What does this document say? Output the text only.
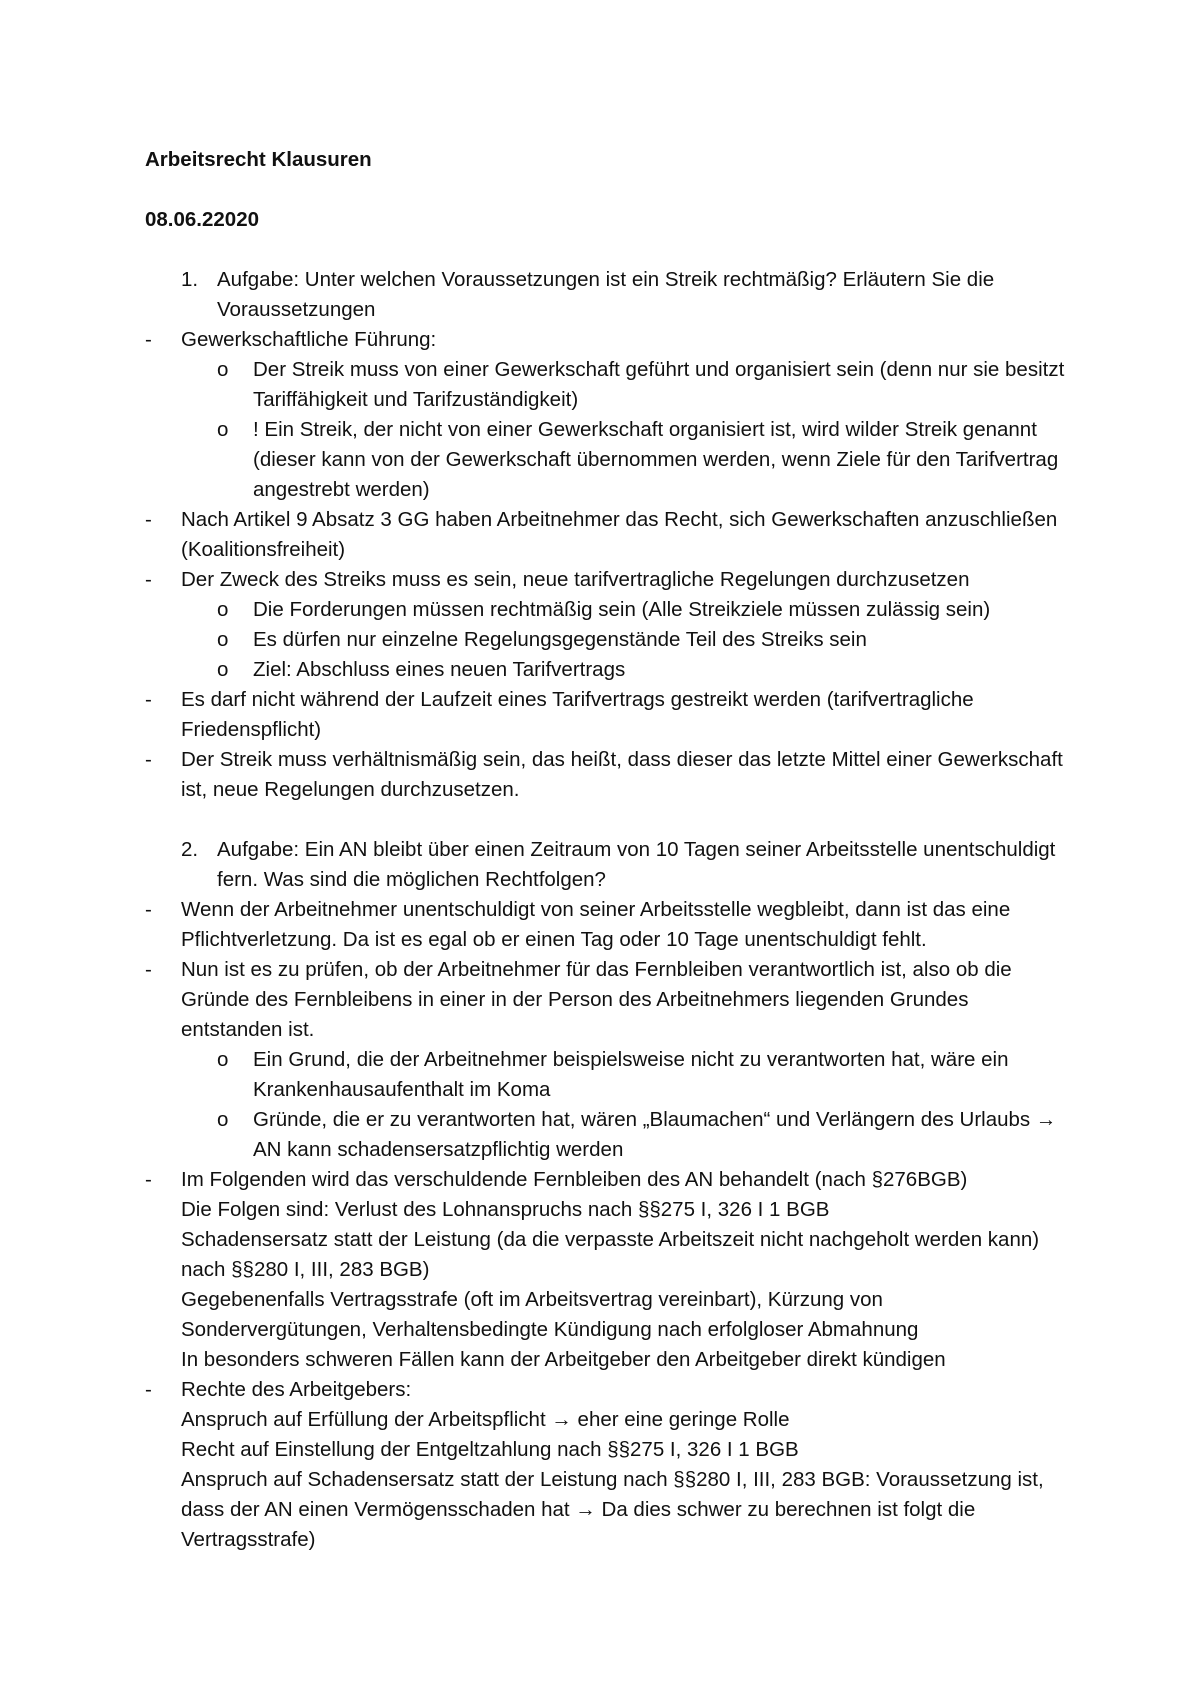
Arbeitsrecht Klausuren
08.06.22020
1. Aufgabe: Unter welchen Voraussetzungen ist ein Streik rechtmäßig? Erläutern Sie die Voraussetzungen
- Gewerkschaftliche Führung:
o Der Streik muss von einer Gewerkschaft geführt und organisiert sein (denn nur sie besitzt Tariffähigkeit und Tarifzuständigkeit)
o ! Ein Streik, der nicht von einer Gewerkschaft organisiert ist, wird wilder Streik genannt (dieser kann von der Gewerkschaft übernommen werden, wenn Ziele für den Tarifvertrag angestrebt werden)
- Nach Artikel 9 Absatz 3 GG haben Arbeitnehmer das Recht, sich Gewerkschaften anzuschließen (Koalitionsfreiheit)
- Der Zweck des Streiks muss es sein, neue tarifvertragliche Regelungen durchzusetzen
o Die Forderungen müssen rechtmäßig sein (Alle Streikziele müssen zulässig sein)
o Es dürfen nur einzelne Regelungsgegenstände Teil des Streiks sein
o Ziel: Abschluss eines neuen Tarifvertrags
- Es darf nicht während der Laufzeit eines Tarifvertrags gestreikt werden (tarifvertragliche Friedenspflicht)
- Der Streik muss verhältnismäßig sein, das heißt, dass dieser das letzte Mittel einer Gewerkschaft ist, neue Regelungen durchzusetzen.
2. Aufgabe: Ein AN bleibt über einen Zeitraum von 10 Tagen seiner Arbeitsstelle unentschuldigt fern. Was sind die möglichen Rechtfolgen?
- Wenn der Arbeitnehmer unentschuldigt von seiner Arbeitsstelle wegbleibt, dann ist das eine Pflichtverletzung. Da ist es egal ob er einen Tag oder 10 Tage unentschuldigt fehlt.
- Nun ist es zu prüfen, ob der Arbeitnehmer für das Fernbleiben verantwortlich ist, also ob die Gründe des Fernbleibens in einer in der Person des Arbeitnehmers liegenden Grundes entstanden ist.
o Ein Grund, die der Arbeitnehmer beispielsweise nicht zu verantworten hat, wäre ein Krankenhausaufenthalt im Koma
o Gründe, die er zu verantworten hat, wären „Blaumachen“ und Verlängern des Urlaubs → AN kann schadensersatzpflichtig werden
- Im Folgenden wird das verschuldende Fernbleiben des AN behandelt (nach §276BGB)
Die Folgen sind: Verlust des Lohnanspruchs nach §§275 I, 326 I 1 BGB
Schadensersatz statt der Leistung (da die verpasste Arbeitszeit nicht nachgeholt werden kann) nach §§280 I, III, 283 BGB)
Gegebenenfalls Vertragsstrafe (oft im Arbeitsvertrag vereinbart), Kürzung von Sondervergütungen, Verhaltensbedingte Kündigung nach erfolgloser Abmahnung
In besonders schweren Fällen kann der Arbeitgeber den Arbeitgeber direkt kündigen
- Rechte des Arbeitgebers:
Anspruch auf Erfüllung der Arbeitspflicht → eher eine geringe Rolle
Recht auf Einstellung der Entgeltzahlung nach §§275 I, 326 I 1 BGB
Anspruch auf Schadensersatz statt der Leistung nach §§280 I, III, 283 BGB: Voraussetzung ist, dass der AN einen Vermögensschaden hat → Da dies schwer zu berechnen ist folgt die Vertragsstrafe)
